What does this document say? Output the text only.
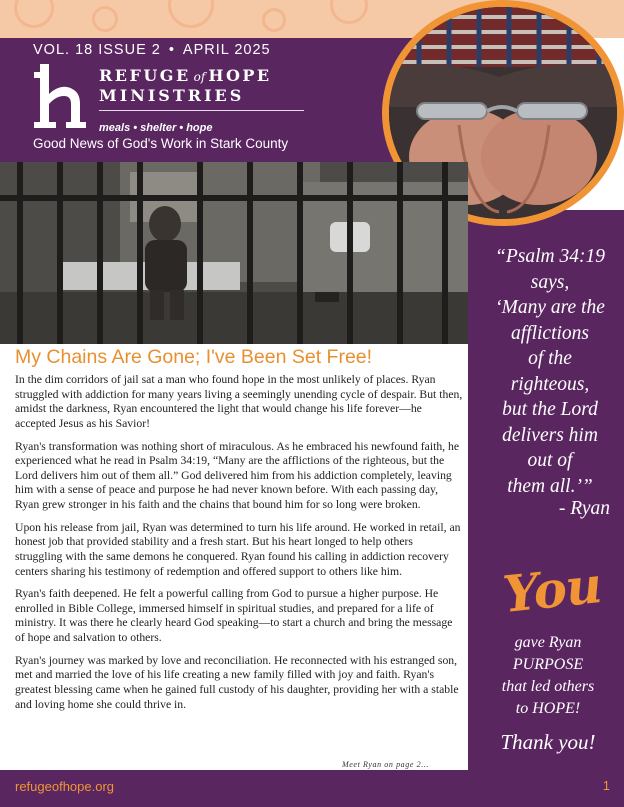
VOL. 18 ISSUE 2 • APRIL 2025
REFUGE of HOPE
MINISTRIES
meals • shelter • hope
Good News of God's Work in Stark County
“Psalm 34:19
says,
‘Many are the
afflictions
of the
righteous,
but the Lord
delivers him
out of
them all.’”
- Ryan
You
gave Ryan
PURPOSE
that led others
to HOPE!
Thank you!
My Chains Are Gone; I've Been Set Free!

In the dim corridors of jail sat a man who found hope in the most unlikely of places. Ryan struggled with addiction for many years living a seemingly unending cycle of despair. But then, amidst the darkness, Ryan encountered the light that would change his life forever—he accepted Jesus as his Savior!

Ryan's transformation was nothing short of miraculous. As he embraced his newfound faith, he experienced what he read in Psalm 34:19, “Many are the afflictions of the righteous, but the Lord delivers him out of them all.” God delivered him from his addiction completely, leaving him with a sense of peace and purpose he had never known before. With each passing day, Ryan grew stronger in his faith and the chains that bound him for so long were broken.

Upon his release from jail, Ryan was determined to turn his life around. He worked in retail, an honest job that provided stability and a fresh start. But his heart longed to help others struggling with the same demons he conquered. Ryan found his calling in addiction recovery centers sharing his testimony of redemption and offered support to others like him.

Ryan's faith deepened. He felt a powerful calling from God to pursue a higher purpose. He enrolled in Bible College, immersed himself in spiritual studies, and prepared for a life of ministry. It was there he clearly heard God speaking—to start a church and bring the message of hope and salvation to others.

Ryan's journey was marked by love and reconciliation. He reconnected with his estranged son, met and married the love of his life creating a new family filled with joy and faith. Ryan's greatest blessing came when he gained full custody of his daughter, providing her with a stable and loving home she could thrive in.

Meet Ryan on page 2...
refugeofhope.org	1
